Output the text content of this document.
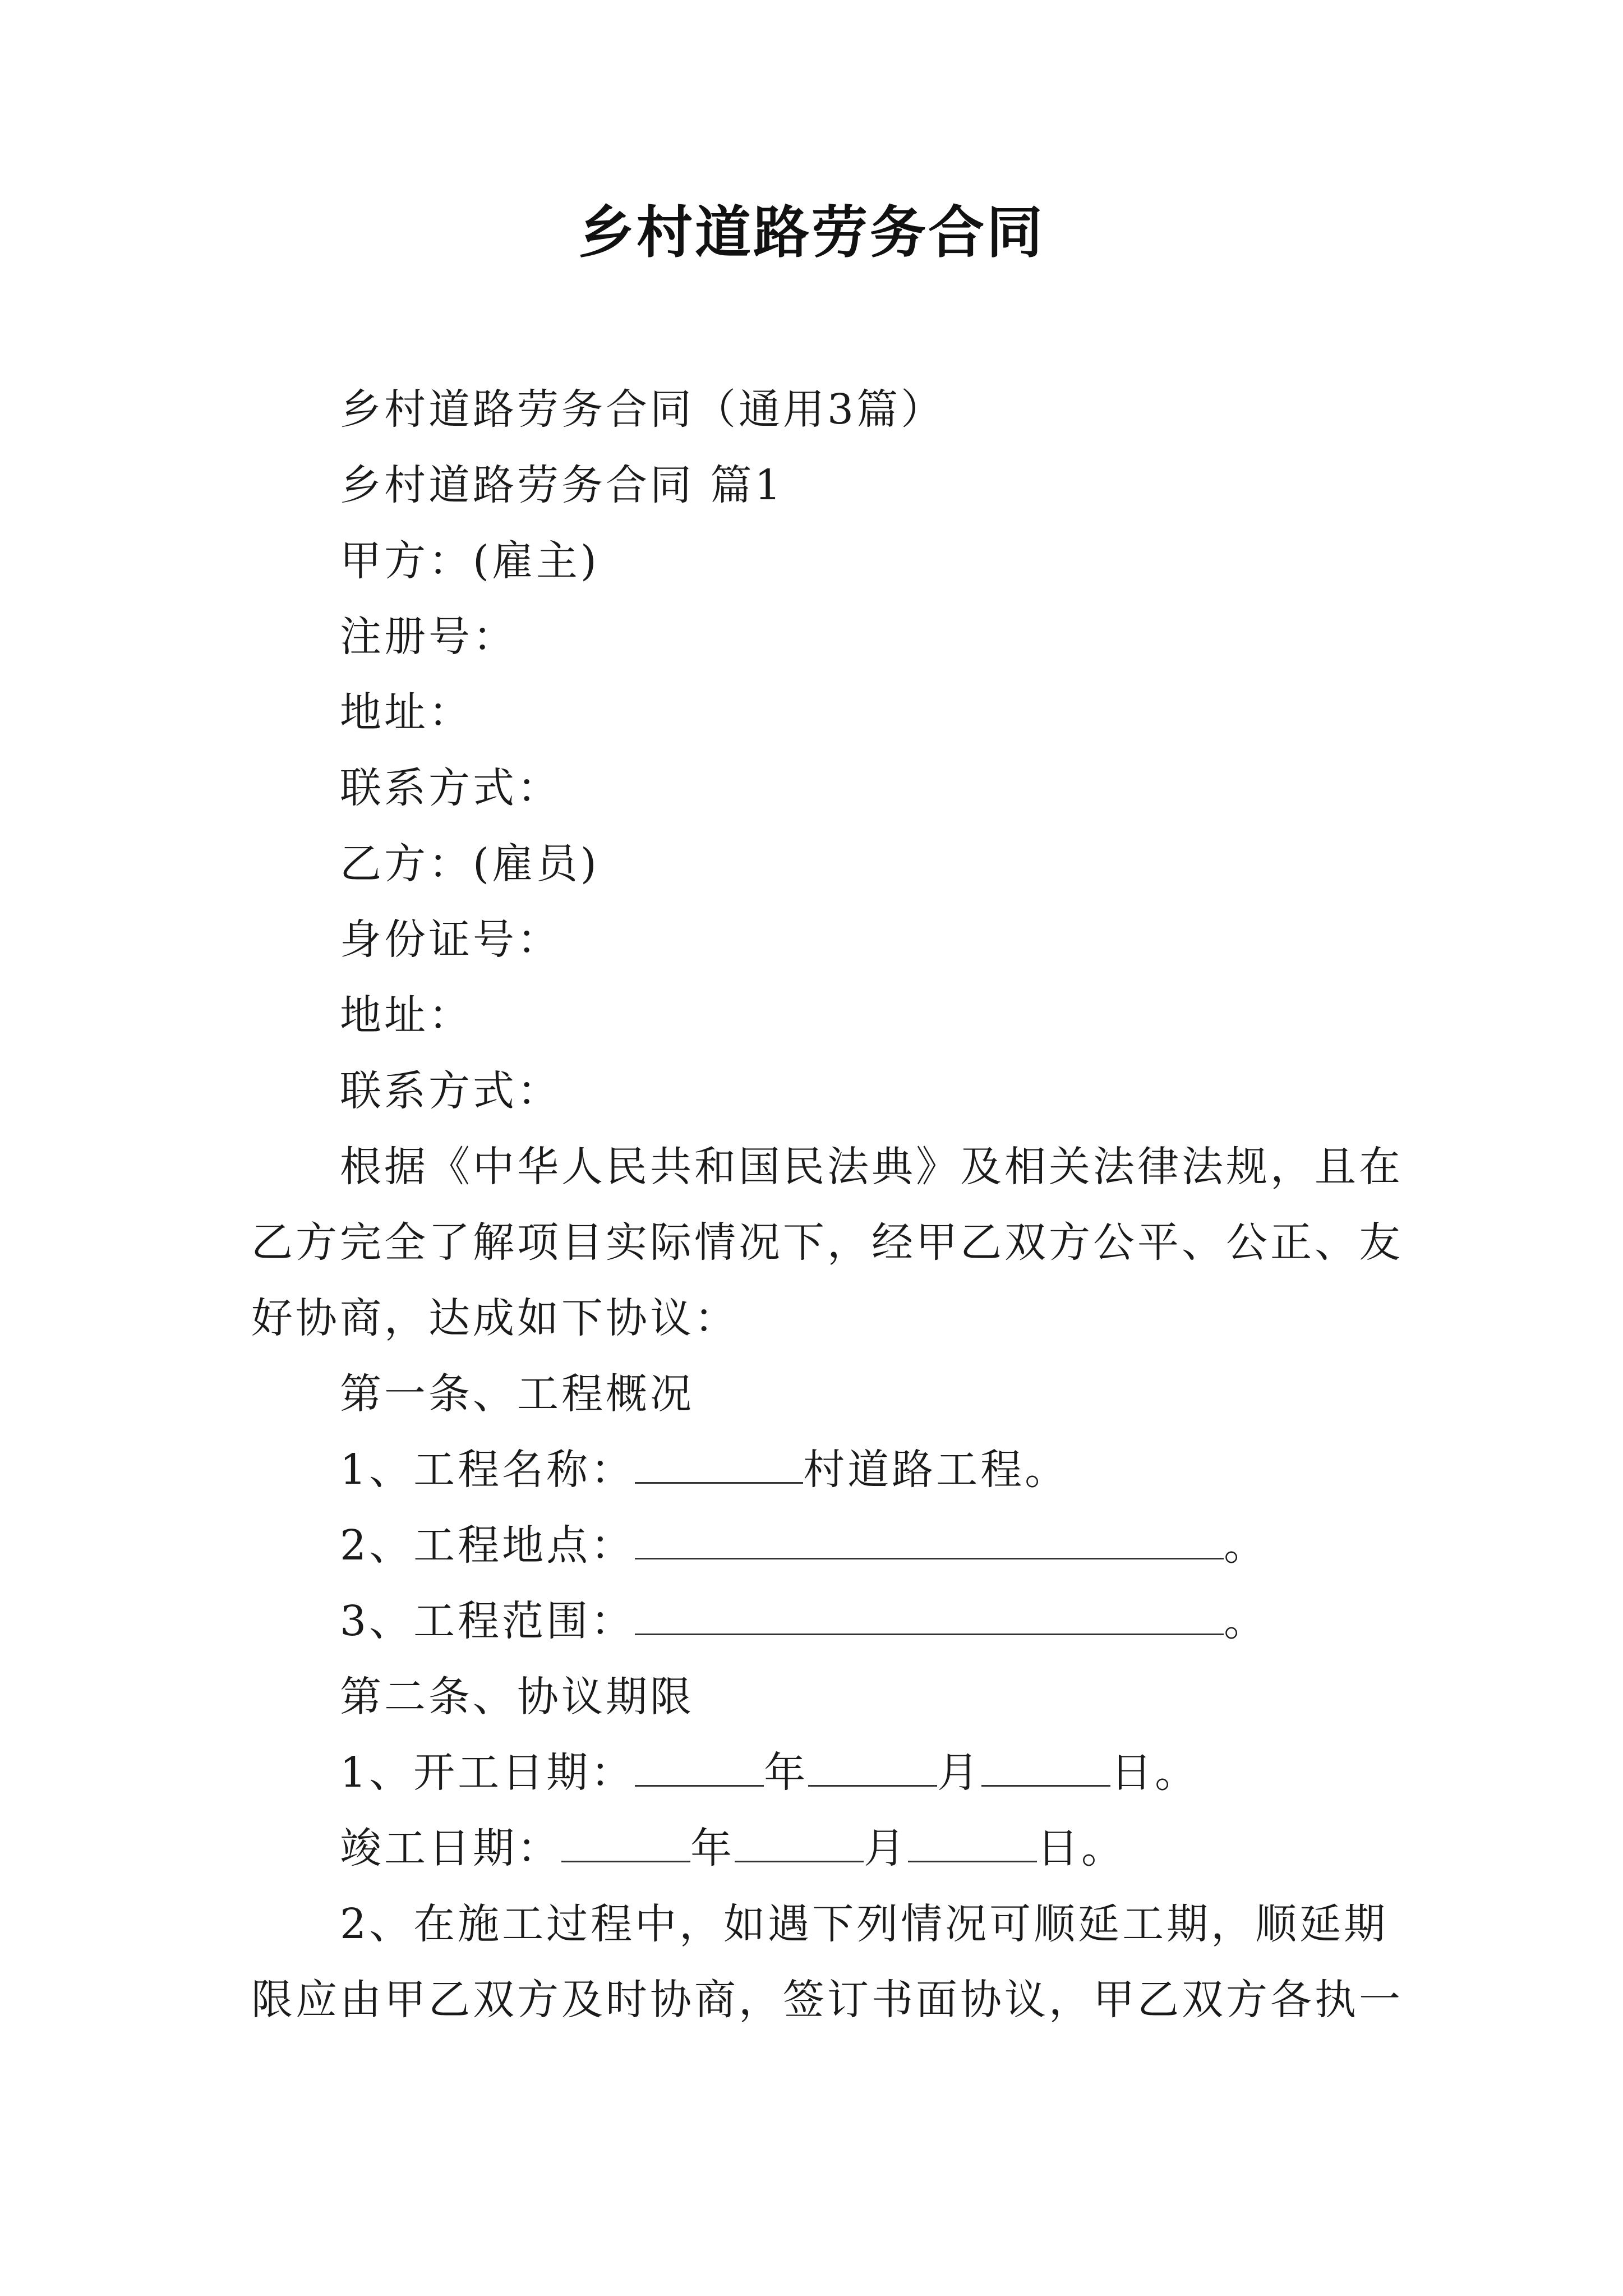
乡村道路劳务合同
乡村道路劳务合同（通用3篇）
乡村道路劳务合同 篇1
甲方：(雇主)
注册号：
地址：
联系方式：
乙方：(雇员)
身份证号：
地址：
联系方式：
根据《中华人民共和国民法典》及相关法律法规，且在
乙方完全了解项目实际情况下，经甲乙双方公平、公正、友
好协商，达成如下协议：
第一条、工程概况
1、工程名称：	村道路工程。
2、工程地点：	。
3、工程范围：	。
第二条、协议期限
1、开工日期：	年	月	日。
竣工日期：	年	月	日。
2、在施工过程中，如遇下列情况可顺延工期，顺延期
限应由甲乙双方及时协商，签订书面协议，甲乙双方各执一
